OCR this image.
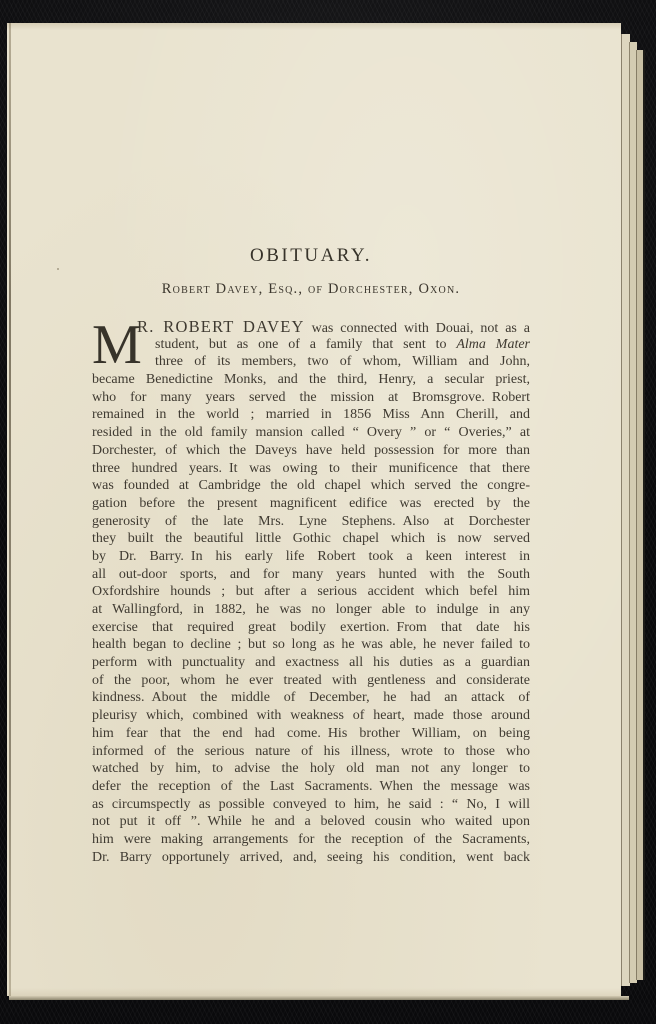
OBITUARY.
Robert Davey, Esq., of Dorchester, Oxon.
M
R. ROBERT DAVEY was connected with Douai, not as a
student, but as one of a family that sent to Alma Mater
three of its members, two of whom, William and John,
became Benedictine Monks, and the third, Henry, a secular priest,
who for many years served the mission at Bromsgrove. Robert
remained in the world ; married in 1856 Miss Ann Cherill, and
resided in the old family mansion called “ Overy ” or “ Overies,” at
Dorchester, of which the Daveys have held possession for more than
three hundred years. It was owing to their munificence that there
was founded at Cambridge the old chapel which served the congre-
gation before the present magnificent edifice was erected by the
generosity of the late Mrs. Lyne Stephens. Also at Dorchester
they built the beautiful little Gothic chapel which is now served
by Dr. Barry. In his early life Robert took a keen interest in
all out-door sports, and for many years hunted with the South
Oxfordshire hounds ; but after a serious accident which befel him
at Wallingford, in 1882, he was no longer able to indulge in any
exercise that required great bodily exertion. From that date his
health began to decline ; but so long as he was able, he never failed to
perform with punctuality and exactness all his duties as a guardian
of the poor, whom he ever treated with gentleness and considerate
kindness. About the middle of December, he had an attack of
pleurisy which, combined with weakness of heart, made those around
him fear that the end had come. His brother William, on being
informed of the serious nature of his illness, wrote to those who
watched by him, to advise the holy old man not any longer to
defer the reception of the Last Sacraments. When the message was
as circumspectly as possible conveyed to him, he said : “ No, I will
not put it off ”. While he and a beloved cousin who waited upon
him were making arrangements for the reception of the Sacraments,
Dr. Barry opportunely arrived, and, seeing his condition, went back
